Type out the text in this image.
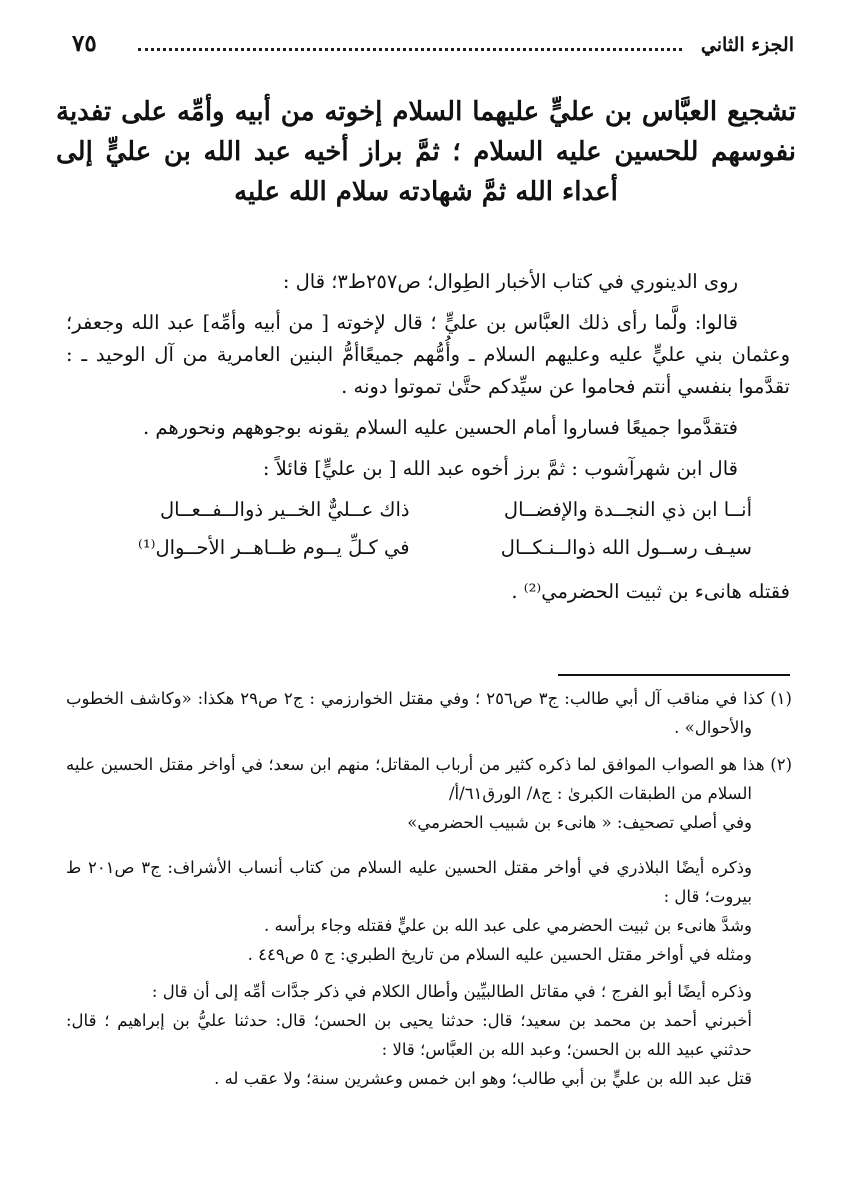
الجزء الثاني
٧٥
تشجيع العبَّاس بن عليٍّ عليهما السلام إخوته من أبيه وأمِّه على تفدية نفوسهم للحسين عليه السلام ؛ ثمَّ براز أخيه عبد الله بن عليٍّ إلى أعداء الله ثمَّ شهادته سلام الله عليه

روى الدينوري في كتاب الأخبار الطِوال؛ ص٢٥٧ط٣؛ قال :

قالوا: ولَّما رأى ذلك العبَّاس بن عليٍّ ؛ قال لإخوته [ من أبيه وأمِّه] عبد الله وجعفر؛ وعثمان بني عليٍّ عليه وعليهم السلام ـ وأُمُّهم جميعًاأمُّ البنين العامرية من آل الوحيد ـ : تقدَّموا بنفسي أنتم فحاموا عن سيِّدكم حتَّىٰ تموتوا دونه .

فتقدَّموا جميعًا فساروا أمام الحسين عليه السلام يقونه بوجوههم ونحورهم .

قال ابن شهرآشوب : ثمَّ برز أخوه عبد الله [ بن عليٍّ] قائلاً :

أنــا ابن ذي النجــدة والإفضــال
ذاك عــليٌّ الخــير ذوالــفــعــال
سيـف رســول الله ذوالــنـكــال
في كـلِّ يــوم ظــاهــر الأحــوال⁽¹⁾

فقتله هانىء بن ثبيت الحضرمي⁽²⁾ .

(١) كذا في مناقب آل أبي طالب: ج٣ ص٢٥٦ ؛ وفي مقتل الخوارزمي : ج٢ ص٢٩ هكذا: «وكاشف الخطوب والأحوال» .

(٢) هذا هو الصواب الموافق لما ذكره كثير من أرباب المقاتل؛ منهم ابن سعد؛ في أواخر مقتل الحسين عليه السلام من الطبقات الكبرىٰ : ج٨/ الورق٦١/أ/

وفي أصلي تصحيف: « هانىء بن شبيب الحضرمي»

وذكره أيضًا البلاذري في أواخر مقتل الحسين عليه السلام من كتاب أنساب الأشراف: ج٣ ص٢٠١ ط بيروت؛ قال :

وشدَّ هانىء بن ثبيت الحضرمي على عبد الله بن عليٍّ فقتله وجاء برأسه .

ومثله في أواخر مقتل الحسين عليه السلام من تاريخ الطبري: ج ٥ ص٤٤٩ .

وذكره أيضًا أبو الفرج ؛ في مقاتل الطالبيِّين وأطال الكلام في ذكر جدَّات أمِّه إلى أن قال :

أخبرني أحمد بن محمد بن سعيد؛ قال: حدثنا يحيى بن الحسن؛ قال: حدثنا عليُّ بن إبراهيم ؛ قال: حدثني عبيد الله بن الحسن؛ وعبد الله بن العبَّاس؛ قالا :

قتل عبد الله بن عليٍّ بن أبي طالب؛ وهو ابن خمس وعشرين سنة؛ ولا عقب له .
